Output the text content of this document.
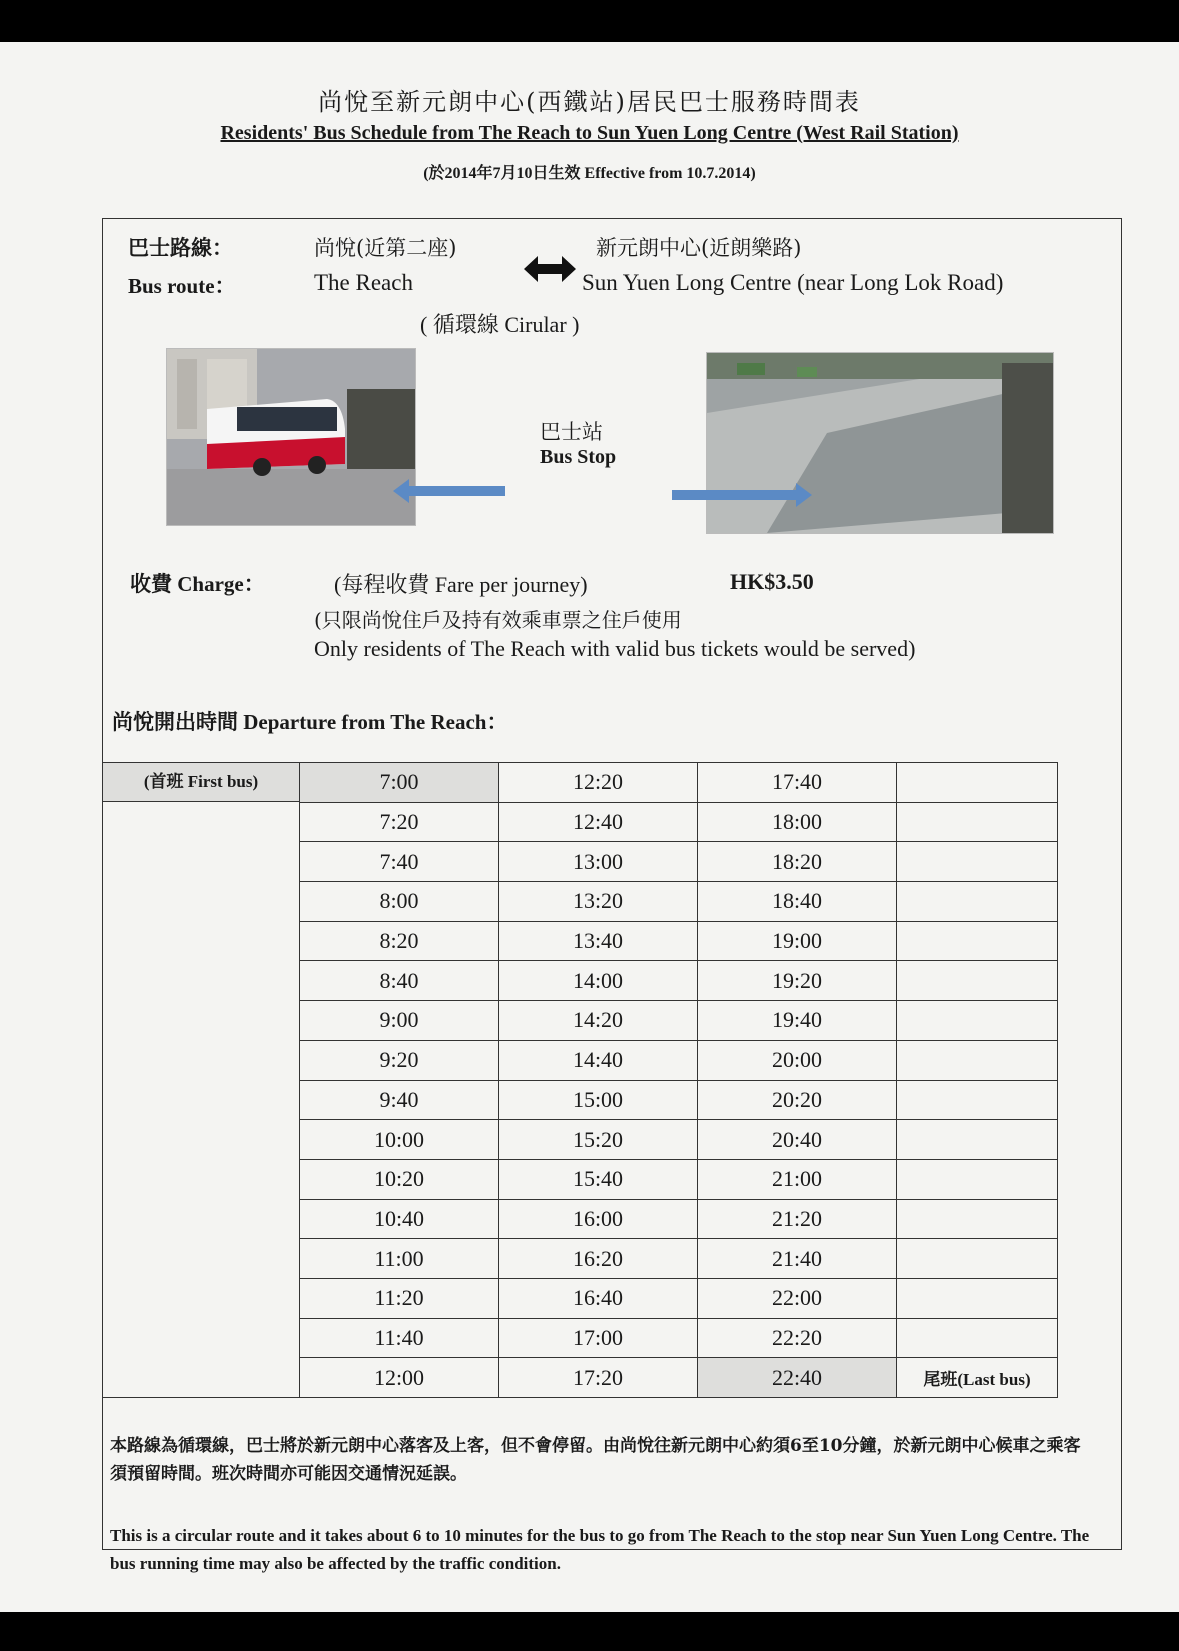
尚悅至新元朗中心(西鐵站)居民巴士服務時間表
Residents' Bus Schedule from The Reach to Sun Yuen Long Centre (West Rail Station)
(於2014年7月10日生效 Effective from 10.7.2014)
巴士路線：
Bus route：
尚悅(近第二座)
The Reach
新元朗中心(近朗樂路)
Sun Yuen Long Centre (near Long Lok Road)
( 循環線 Cirular )
巴士站
Bus Stop
收費 Charge：	(每程收費 Fare per journey)	HK$3.50
(只限尚悅住戶及持有效乘車票之住戶使用
Only residents of The Reach with valid bus tickets would be served)
尚悅開出時間 Departure from The Reach：
(首班 First bus)	7:00	12:20	17:40	
	7:20	12:40	18:00	
	7:40	13:00	18:20	
	8:00	13:20	18:40	
	8:20	13:40	19:00	
	8:40	14:00	19:20	
	9:00	14:20	19:40	
	9:20	14:40	20:00	
	9:40	15:00	20:20	
	10:00	15:20	20:40	
	10:20	15:40	21:00	
	10:40	16:00	21:20	
	11:00	16:20	21:40	
	11:20	16:40	22:00	
	11:40	17:00	22:20	
	12:00	17:20	22:40	尾班(Last bus)
本路線為循環線，巴士將於新元朗中心落客及上客，但不會停留。由尚悅往新元朗中心約須6至10分鐘，於新元朗中心候車之乘客須預留時間。班次時間亦可能因交通情況延誤。
This is a circular route and it takes about 6 to 10 minutes for the bus to go from The Reach to the stop near Sun Yuen Long Centre. The bus running time may also be affected by the traffic condition.
